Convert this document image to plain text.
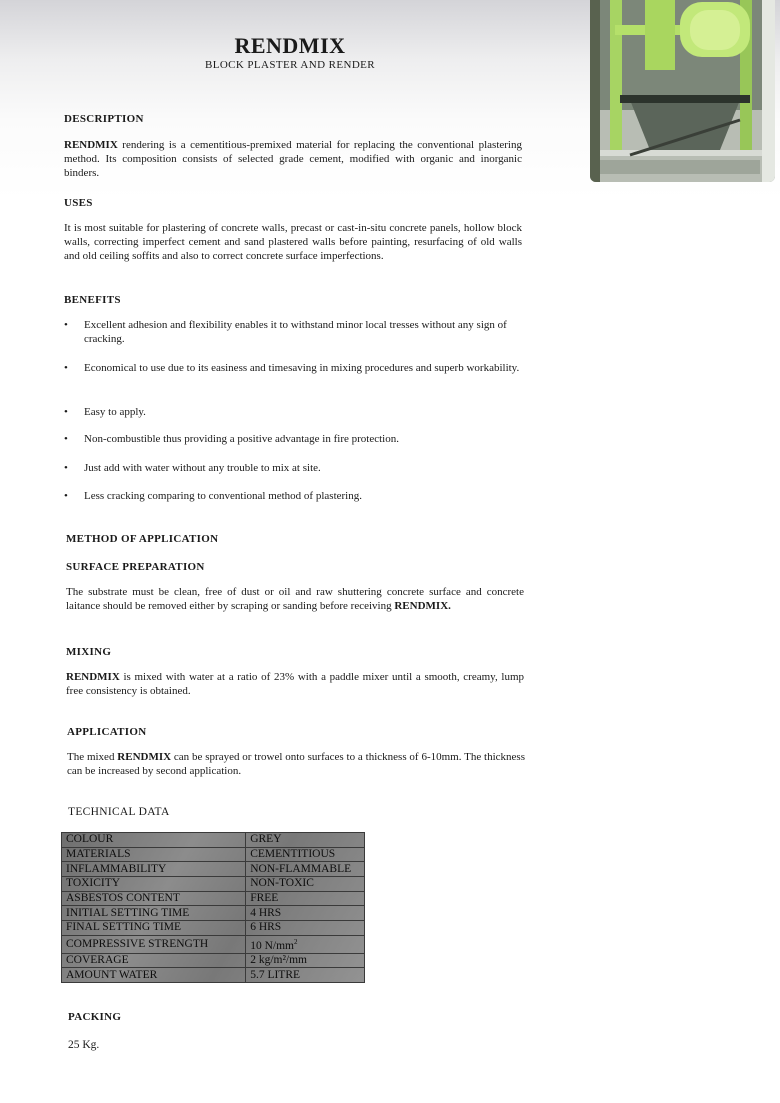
RENDMIX
BLOCK PLASTER AND RENDER
DESCRIPTION
RENDMIX rendering is a cementitious-premixed material for replacing the conventional plastering method. Its composition consists of selected grade cement, modified with organic and inorganic binders.
USES
It is most suitable for plastering of concrete walls, precast or cast-in-situ concrete panels, hollow block walls, correcting imperfect cement and sand plastered walls before painting, resurfacing of old walls and old ceiling soffits and also to correct concrete surface imperfections.
BENEFITS
• Excellent adhesion and flexibility enables it to withstand minor local tresses without any sign of cracking.
• Economical to use due to its easiness and timesaving in mixing procedures and superb workability.
• Easy to apply.
• Non-combustible thus providing a positive advantage in fire protection.
• Just add with water without any trouble to mix at site.
• Less cracking comparing to conventional method of plastering.
METHOD OF APPLICATION
SURFACE PREPARATION
The substrate must be clean, free of dust or oil and raw shuttering concrete surface and concrete laitance should be removed either by scraping or sanding before receiving RENDMIX.
MIXING
RENDMIX is mixed with water at a ratio of 23% with a paddle mixer until a smooth, creamy, lump free consistency is obtained.
APPLICATION
The mixed RENDMIX can be sprayed or trowel onto surfaces to a thickness of 6-10mm. The thickness can be increased by second application.
PACKING
25 Kg.
TECHNICAL DATA
COLOUR	GREY
MATERIALS	CEMENTITIOUS
INFLAMMABILITY	NON-FLAMMABLE
TOXICITY	NON-TOXIC
ASBESTOS CONTENT	FREE
INITIAL SETTING TIME	4 HRS
FINAL SETTING TIME	6 HRS
COMPRESSIVE STRENGTH	10 $N/mm^2$
COVERAGE	2 kg/m²/mm
AMOUNT WATER	5.7 LITRE
